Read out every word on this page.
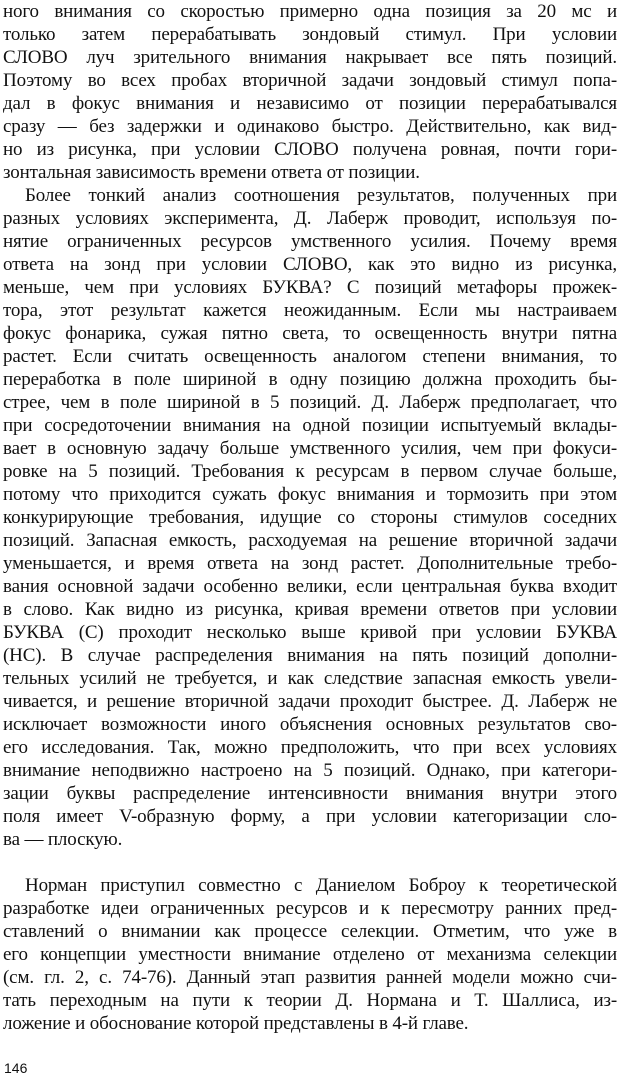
ного внимания со скоростью примерно одна позиция за 20 мс и
только затем перерабатывать зондовый стимул. При условии
СЛОВО луч зрительного внимания накрывает все пять позиций.
Поэтому во всех пробах вторичной задачи зондовый стимул попа-
дал в фокус внимания и независимо от позиции перерабатывался
сразу — без задержки и одинаково быстро. Действительно, как вид-
но из рисунка, при условии СЛОВО получена ровная, почти гори-
зонтальная зависимость времени ответа от позиции.
Более тонкий анализ соотношения результатов, полученных при
разных условиях эксперимента, Д. Лаберж проводит, используя по-
нятие ограниченных ресурсов умственного усилия. Почему время
ответа на зонд при условии СЛОВО, как это видно из рисунка,
меньше, чем при условиях БУКВА? С позиций метафоры прожек-
тора, этот результат кажется неожиданным. Если мы настраиваем
фокус фонарика, сужая пятно света, то освещенность внутри пятна
растет. Если считать освещенность аналогом степени внимания, то
переработка в поле шириной в одну позицию должна проходить бы-
стрее, чем в поле шириной в 5 позиций. Д. Лаберж предполагает, что
при сосредоточении внимания на одной позиции испытуемый вклады-
вает в основную задачу больше умственного усилия, чем при фокуси-
ровке на 5 позиций. Требования к ресурсам в первом случае больше,
потому что приходится сужать фокус внимания и тормозить при этом
конкурирующие требования, идущие со стороны стимулов соседних
позиций. Запасная емкость, расходуемая на решение вторичной задачи
уменьшается, и время ответа на зонд растет. Дополнительные требо-
вания основной задачи особенно велики, если центральная буква входит
в слово. Как видно из рисунка, кривая времени ответов при условии
БУКВА (С) проходит несколько выше кривой при условии БУКВА
(НС). В случае распределения внимания на пять позиций дополни-
тельных усилий не требуется, и как следствие запасная емкость увели-
чивается, и решение вторичной задачи проходит быстрее. Д. Лаберж не
исключает возможности иного объяснения основных результатов сво-
его исследования. Так, можно предположить, что при всех условиях
внимание неподвижно настроено на 5 позиций. Однако, при категори-
зации буквы распределение интенсивности внимания внутри этого
поля имеет V-образную форму, а при условии категоризации сло-
ва — плоскую.
Норман приступил совместно с Даниелом Боброу к теоретической
разработке идеи ограниченных ресурсов и к пересмотру ранних пред-
ставлений о внимании как процессе селекции. Отметим, что уже в
его концепции уместности внимание отделено от механизма селекции
(см. гл. 2, с. 74-76). Данный этап развития ранней модели можно счи-
тать переходным на пути к теории Д. Нормана и Т. Шаллиса, из-
ложение и обоснование которой представлены в 4-й главе.
146
